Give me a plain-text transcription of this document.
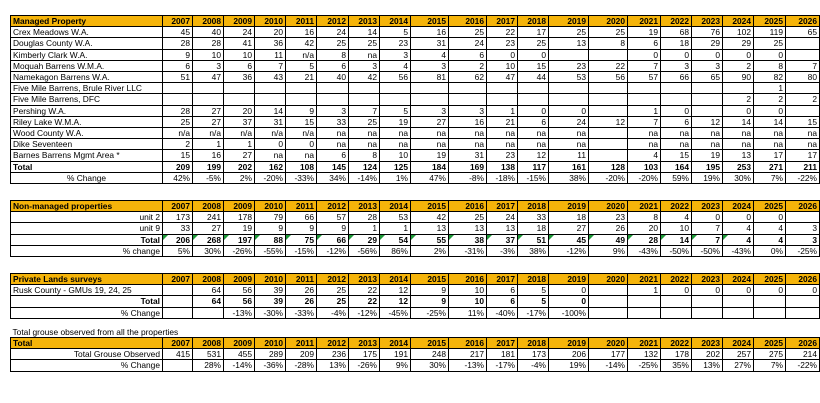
Managed Property	2007	2008	2009	2010	2011	2012	2013	2014	2015	2016	2017	2018	2019	2020	2021	2022	2023	2024	2025	2026
Crex Meadows W.A.	45	40	24	20	16	24	14	5	16	25	22	17	25	25	19	68	76	102	119	65
Douglas County W.A.	28	28	41	36	42	25	25	23	31	24	23	25	13	8	6	18	29	29	25	
Kimberly Clark W.A.	9	10	10	11	n/a	8	na	3	4	6	0	0			0	0	0	0	0	
Moquah Barrens W.M.A.	6	3	6	7	5	6	3	4	3	2	10	15	23	22	7	3	3	2	8	7
Namekagon Barrens W.A.	51	47	36	43	21	40	42	56	81	62	47	44	53	56	57	66	65	90	82	80
Five Mile Barrens, Brule River LLC																			1	
Five Mile Barrens, DFC																		2	2	2
Pershing W.A.	28	27	20	14	9	3	7	5	3	3	1	0	0		1	0		0	0	
Riley Lake W.M.A.	25	27	37	31	15	33	25	19	27	16	21	6	24	12	7	6	12	14	14	15
Wood County W.A.	n/a	n/a	n/a	n/a	n/a	na	na	na	na	na	na	na	na		na	na	na	na	na	na
Dike Seventeen	2	1	1	0	0	na	na	na	na	na	na	na	na		na	na	na	na	na	na
Barnes Barrens Mgmt Area *	15	16	27	na	na	6	8	10	19	31	23	12	11		4	15	19	13	17	17
Total	209	199	202	162	108	145	124	125	184	169	138	117	161	128	103	164	195	253	271	211
% Change	42%	-5%	2%	-20%	-33%	34%	-14%	1%	47%	-8%	-18%	-15%	38%	-20%	-20%	59%	19%	30%	7%	-22%

Non-managed properties	2007	2008	2009	2010	2011	2012	2013	2014	2015	2016	2017	2018	2019	2020	2021	2022	2023	2024	2025	2026
unit 2	173	241	178	79	66	57	28	53	42	25	24	33	18	23	8	4	0	0	0	
unit 9	33	27	19	9	9	9	1	1	13	13	13	18	27	26	20	10	7	4	4	3
Total	206	268	197	88	75	66	29	54	55	38	37	51	45	49	28	14	7	4	4	3
% change	5%	30%	-26%	-55%	-15%	-12%	-56%	86%	2%	-31%	-3%	38%	-12%	9%	-43%	-50%	-50%	-43%	0%	-25%

Private Lands surveys	2007	2008	2009	2010	2011	2012	2013	2014	2015	2016	2017	2018	2019	2020	2021	2022	2023	2024	2025	2026
Rusk County - GMUs 19, 24, 25		64	56	39	26	25	22	12	9	10	6	5	0		1	0	0	0	0	0
Total		64	56	39	26	25	22	12	9	10	6	5	0							
% Change			-13%	-30%	-33%	-4%	-12%	-45%	-25%	11%	-40%	-17%	-100%							

Total grouse observed from all the properties																				
Total	2007	2008	2009	2010	2011	2012	2013	2014	2015	2016	2017	2018	2019	2020	2021	2022	2023	2024	2025	2026
Total Grouse Observed	415	531	455	289	209	236	175	191	248	217	181	173	206	177	132	178	202	257	275	214
% Change		28%	-14%	-36%	-28%	13%	-26%	9%	30%	-13%	-17%	-4%	19%	-14%	-25%	35%	13%	27%	7%	-22%
